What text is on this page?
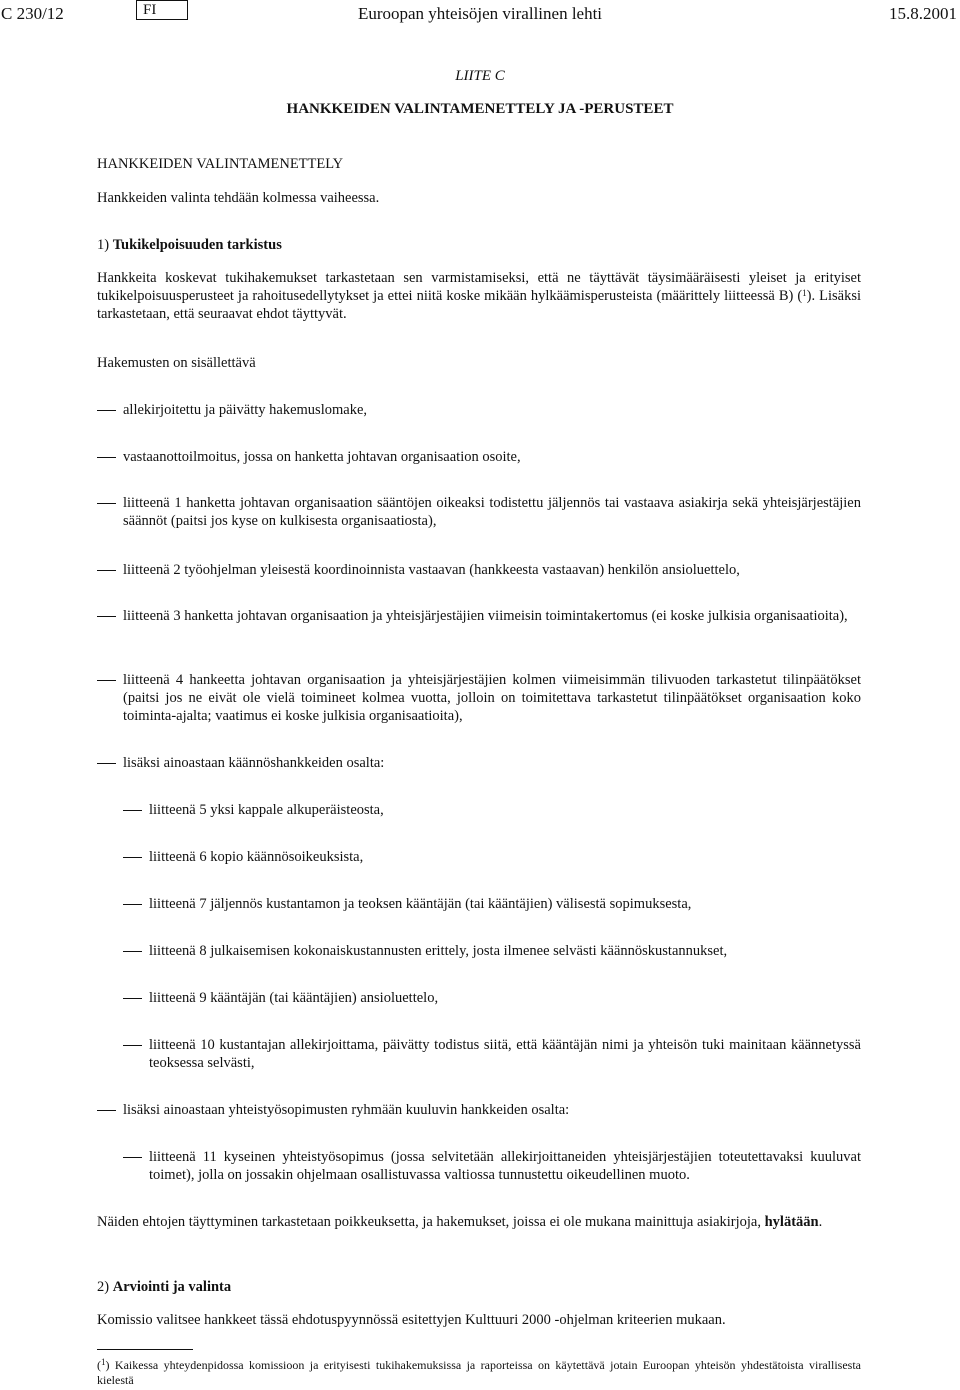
C 230/12	FI	Euroopan yhteisöjen virallinen lehti	15.8.2001
LIITE C
HANKKEIDEN VALINTAMENETTELY JA -PERUSTEET
HANKKEIDEN VALINTAMENETTELY
Hankkeiden valinta tehdään kolmessa vaiheessa.
1) Tukikelpoisuuden tarkistus
Hankkeita koskevat tukihakemukset tarkastetaan sen varmistamiseksi, että ne täyttävät täysimääräisesti yleiset ja erityiset tukikelpoisuusperusteet ja rahoitusedellytykset ja ettei niitä koske mikään hylkäämisperusteista (määrittely liitteessä B) ($^1$). Lisäksi tarkastetaan, että seuraavat ehdot täyttyvät.
Hakemusten on sisällettävä
allekirjoitettu ja päivätty hakemuslomake,
vastaanottoilmoitus, jossa on hanketta johtavan organisaation osoite,
liitteenä 1 hanketta johtavan organisaation sääntöjen oikeaksi todistettu jäljennös tai vastaava asiakirja sekä yhteisjärjestäjien säännöt (paitsi jos kyse on kulkisesta organisaatiosta),
liitteenä 2 työohjelman yleisestä koordinoinnista vastaavan (hankkeesta vastaavan) henkilön ansioluettelo,
liitteenä 3 hanketta johtavan organisaation ja yhteisjärjestäjien viimeisin toimintakertomus (ei koske julkisia organisaatioita),
liitteenä 4 hankeetta johtavan organisaation ja yhteisjärjestäjien kolmen viimeisimmän tilivuoden tarkastetut tilinpäätökset (paitsi jos ne eivät ole vielä toimineet kolmea vuotta, jolloin on toimitettava tarkastetut tilinpäätökset organisaation koko toiminta-ajalta; vaatimus ei koske julkisia organisaatioita),
lisäksi ainoastaan käännöshankkeiden osalta:
liitteenä 5 yksi kappale alkuperäisteosta,
liitteenä 6 kopio käännösoikeuksista,
liitteenä 7 jäljennös kustantamon ja teoksen kääntäjän (tai kääntäjien) välisestä sopimuksesta,
liitteenä 8 julkaisemisen kokonaiskustannusten erittely, josta ilmenee selvästi käännöskustannukset,
liitteenä 9 kääntäjän (tai kääntäjien) ansioluettelo,
liitteenä 10 kustantajan allekirjoittama, päivätty todistus siitä, että kääntäjän nimi ja yhteisön tuki mainitaan käännetyssä teoksessa selvästi,
lisäksi ainoastaan yhteistyösopimusten ryhmään kuuluvin hankkeiden osalta:
liitteenä 11 kyseinen yhteistyösopimus (jossa selvitetään allekirjoittaneiden yhteisjärjestäjien toteutettavaksi kuuluvat toimet), jolla on jossakin ohjelmaan osallistuvassa valtiossa tunnustettu oikeudellinen muoto.
Näiden ehtojen täyttyminen tarkastetaan poikkeuksetta, ja hakemukset, joissa ei ole mukana mainittuja asiakirjoja, hylätään.
2) Arviointi ja valinta
Komissio valitsee hankkeet tässä ehdotuspyynnössä esitettyjen Kulttuuri 2000 -ohjelman kriteerien mukaan.
($^1$) Kaikessa yhteydenpidossa komissioon ja erityisesti tukihakemuksissa ja raporteissa on käytettävä jotain Euroopan yhteisön yhdestätoista virallisesta kielestä
